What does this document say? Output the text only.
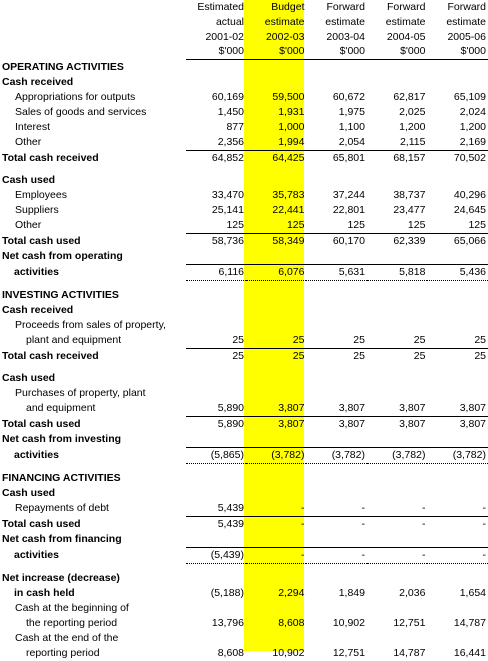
	Estimated	Budget	Forward	Forward	Forward
	actual	estimate	estimate	estimate	estimate
	2001-02	2002-03	2003-04	2004-05	2005-06
	$'000	$'000	$'000	$'000	$'000
OPERATING ACTIVITIES					
Cash received					
Appropriations for outputs	60,169	59,500	60,672	62,817	65,109
Sales of goods and services	1,450	1,931	1,975	2,025	2,024
Interest	877	1,000	1,100	1,200	1,200
Other	2,356	1,994	2,054	2,115	2,169
Total cash received	64,852	64,425	65,801	68,157	70,502

Cash used					
Employees	33,470	35,783	37,244	38,737	40,296
Suppliers	25,141	22,441	22,801	23,477	24,645
Other	125	125	125	125	125
Total cash used	58,736	58,349	60,170	62,339	65,066
Net cash from operating					
activities	6,116	6,076	5,631	5,818	5,436

INVESTING ACTIVITIES					
Cash received					
Proceeds from sales of property,					
plant and equipment	25	25	25	25	25
Total cash received	25	25	25	25	25

Cash used					
Purchases of property, plant					
and equipment	5,890	3,807	3,807	3,807	3,807
Total cash used	5,890	3,807	3,807	3,807	3,807
Net cash from investing					
activities	(5,865)	(3,782)	(3,782)	(3,782)	(3,782)

FINANCING ACTIVITIES					
Cash used					
Repayments of debt	5,439	-	-	-	-
Total cash used	5,439	-	-	-	-
Net cash from financing					
activities	(5,439)	-	-	-	-

Net increase (decrease)					
in cash held	(5,188)	2,294	1,849	2,036	1,654
Cash at the beginning of					
the reporting period	13,796	8,608	10,902	12,751	14,787
Cash at the end of the					
reporting period	8,608	10,902	12,751	14,787	16,441
